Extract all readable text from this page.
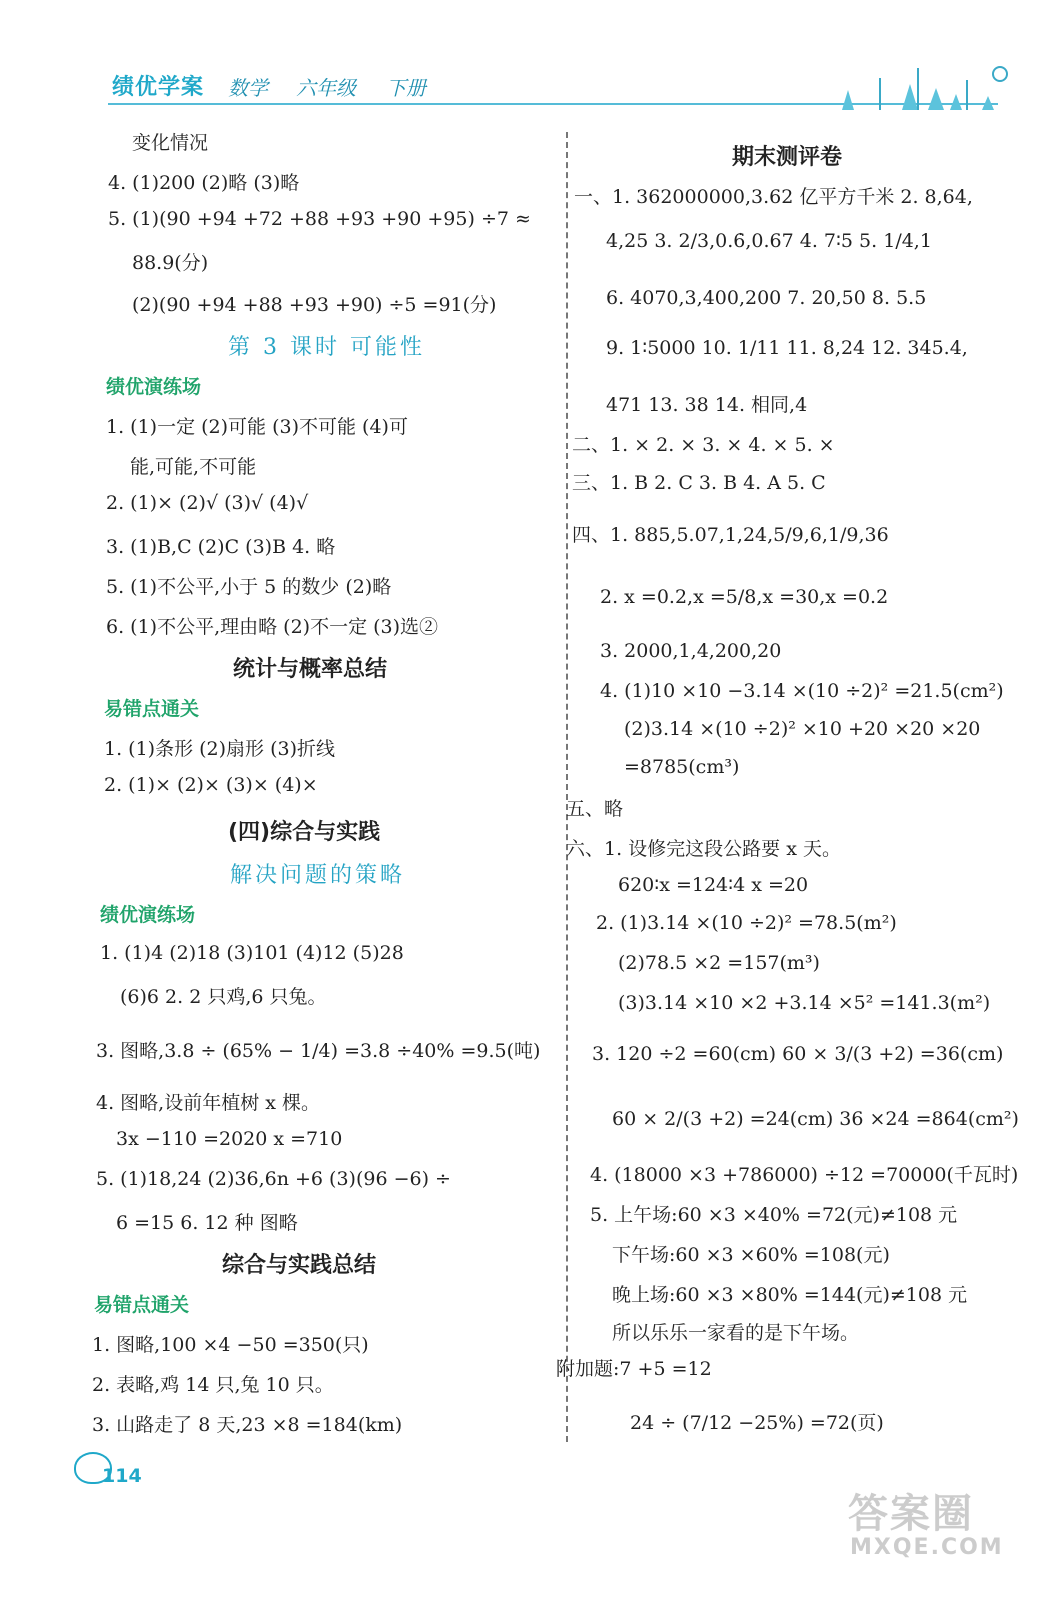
绩优学案 数学 六年级 下册
变化情况
4. (1)200 (2)略 (3)略
5. (1)(90 +94 +72 +88 +93 +90 +95) ÷7 ≈
88.9(分)
(2)(90 +94 +88 +93 +90) ÷5 =91(分)
第 3 课时 可能性
绩优演练场
1. (1)一定 (2)可能 (3)不可能 (4)可
能,可能,不可能
2. (1)× (2)√ (3)√ (4)√
3. (1)B,C (2)C (3)B 4. 略
5. (1)不公平,小于 5 的数少 (2)略
6. (1)不公平,理由略 (2)不一定 (3)选②
统计与概率总结
易错点通关
1. (1)条形 (2)扇形 (3)折线
2. (1)× (2)× (3)× (4)×
(四)综合与实践
解决问题的策略
绩优演练场
1. (1)4 (2)18 (3)101 (4)12 (5)28
(6)6 2. 2 只鸡,6 只兔。
3. 图略,3.8 ÷ (65% − 1/4) =3.8 ÷40% =9.5(吨)
4. 图略,设前年植树 x 棵。
3x −110 =2020 x =710
5. (1)18,24 (2)36,6n +6 (3)(96 −6) ÷
6 =15 6. 12 种 图略
综合与实践总结
易错点通关
1. 图略,100 ×4 −50 =350(只)
2. 表略,鸡 14 只,兔 10 只。
3. 山路走了 8 天,23 ×8 =184(km)
期末测评卷
一、1. 362000000,3.62 亿平方千米 2. 8,64,
4,25 3. 2/3,0.6̇,0.67 4. 7∶5 5. 1/4,1
6. 4070,3,400,200 7. 20,50 8. 5.5
9. 1∶5000 10. 1/11 11. 8,24 12. 345.4,
471 13. 38 14. 相同,4
二、1. × 2. × 3. × 4. × 5. ×
三、1. B 2. C 3. B 4. A 5. C
四、1. 885,5.07,1,24,5/9,6,1/9,36
2. x =0.2,x =5/8,x =30,x =0.2
3. 2000,1,4,200,20
4. (1)10 ×10 −3.14 ×(10 ÷2)² =21.5(cm²)
(2)3.14 ×(10 ÷2)² ×10 +20 ×20 ×20
=8785(cm³)
五、略
六、1. 设修完这段公路要 x 天。
620∶x =124∶4 x =20
2. (1)3.14 ×(10 ÷2)² =78.5(m²)
(2)78.5 ×2 =157(m³)
(3)3.14 ×10 ×2 +3.14 ×5² =141.3(m²)
3. 120 ÷2 =60(cm) 60 × 3/(3 +2) =36(cm)
60 × 2/(3 +2) =24(cm) 36 ×24 =864(cm²)
4. (18000 ×3 +786000) ÷12 =70000(千瓦时)
5. 上午场:60 ×3 ×40% =72(元)≠108 元
下午场:60 ×3 ×60% =108(元)
晚上场:60 ×3 ×80% =144(元)≠108 元
所以乐乐一家看的是下午场。
附加题:7 +5 =12
24 ÷ (7/12 −25%) =72(页)
114
答案圈
MXQE.COM
